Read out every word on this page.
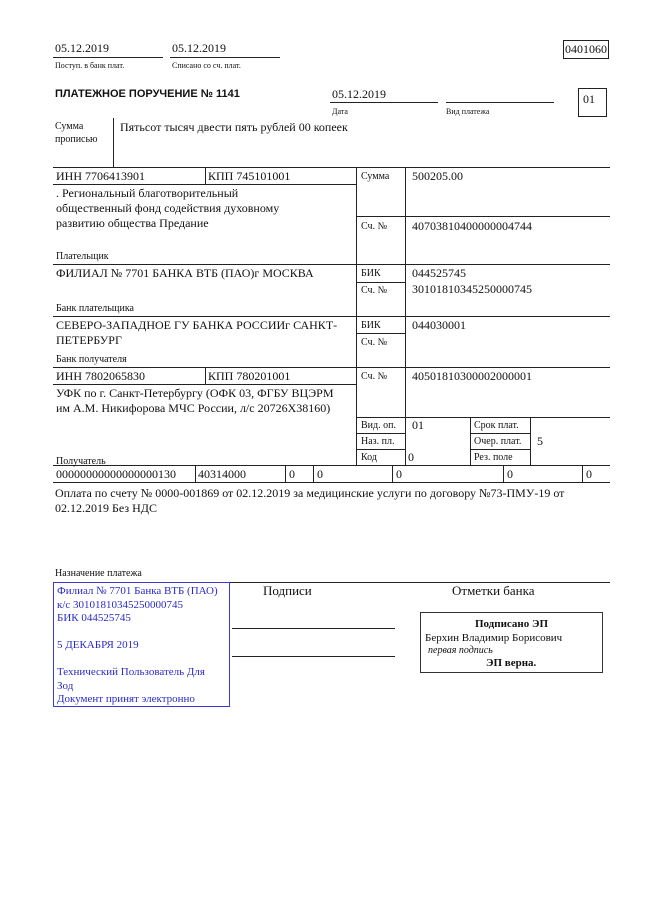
05.12.2019
Поступ. в банк плат.
05.12.2019
Списано со сч. плат.
0401060
ПЛАТЕЖНОЕ ПОРУЧЕНИЕ № 1141	05.12.2019
Дата	Вид платежа
01
Сумма
прописью
Пятьсот тысяч двести пять рублей 00 копеек
ИНН 7706413901	КПП 745101001
. Региональный благотворительный
общественный фонд содействия духовному
развитию общества Предание
Плательщик
Сумма 500205.00
Сч. № 40703810400000004744
ФИЛИАЛ № 7701 БАНКА ВТБ (ПАО)г МОСКВА
Банк плательщика
БИК	044525745
Сч. № 30101810345250000745
СЕВЕРО-ЗАПАДНОЕ ГУ БАНКА РОССИИг САНКТ-
ПЕТЕРБУРГ
Банк получателя
БИК	044030001
Сч. №
ИНН 7802065830	КПП 780201001
УФК по г. Санкт-Петербургу (ОФК 03, ФГБУ ВЦЭРМ
им А.М. Никифорова МЧС России, л/с 20726Х38160)
Получатель
Сч. № 40501810300002000001
Вид. оп. 01
Наз. пл.
Код	0
Срок плат.
Очер. плат. 5
Рез. поле
00000000000000000130 40314000	0 0	0	0	0
Оплата по счету № 0000-001869 от 02.12.2019 за медицинские услуги по договору №73-ПМУ-19 от
02.12.2019 Без НДС
Назначение платежа
Филиал № 7701 Банка ВТБ (ПАО)
к/с 30101810345250000745
БИК 044525745
5 ДЕКАБРЯ 2019
Технический Пользователь Для
Зод
Документ принят электронно
Подписи	Отметки банка
Подписано ЭП
Берхин Владимир Борисович
первая подпись
ЭП верна.
